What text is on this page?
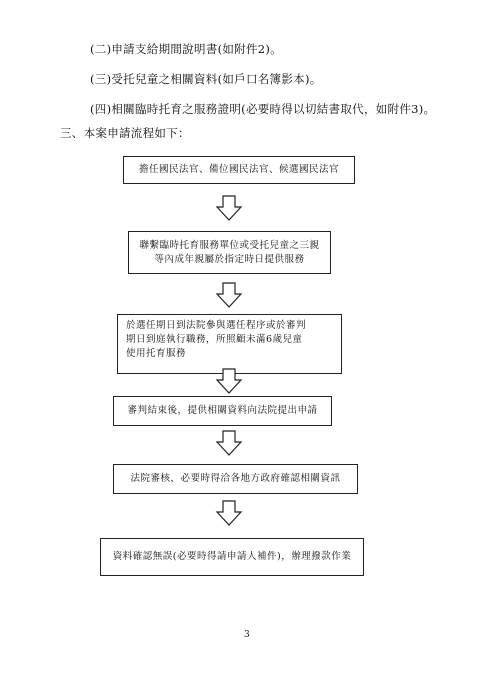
(二)申請支給期間說明書(如附件2)。
(三)受托兒童之相關資料(如戶口名簿影本)。
(四)相關臨時托育之服務證明(必要時得以切結書取代，如附件3)。
三、本案申請流程如下：
擔任國民法官、備位國民法官、候選國民法官
聯繫臨時托育服務單位或受托兒童之三親
等內成年親屬於指定時日提供服務
於選任期日到法院參與選任程序或於審判
期日到庭執行職務，所照顧未滿6歲兒童
使用托育服務
審判結束後，提供相關資料向法院提出申請
法院審核，必要時得洽各地方政府確認相關資訊
資料確認無誤(必要時得請申請人補件)，辦理撥款作業
3
